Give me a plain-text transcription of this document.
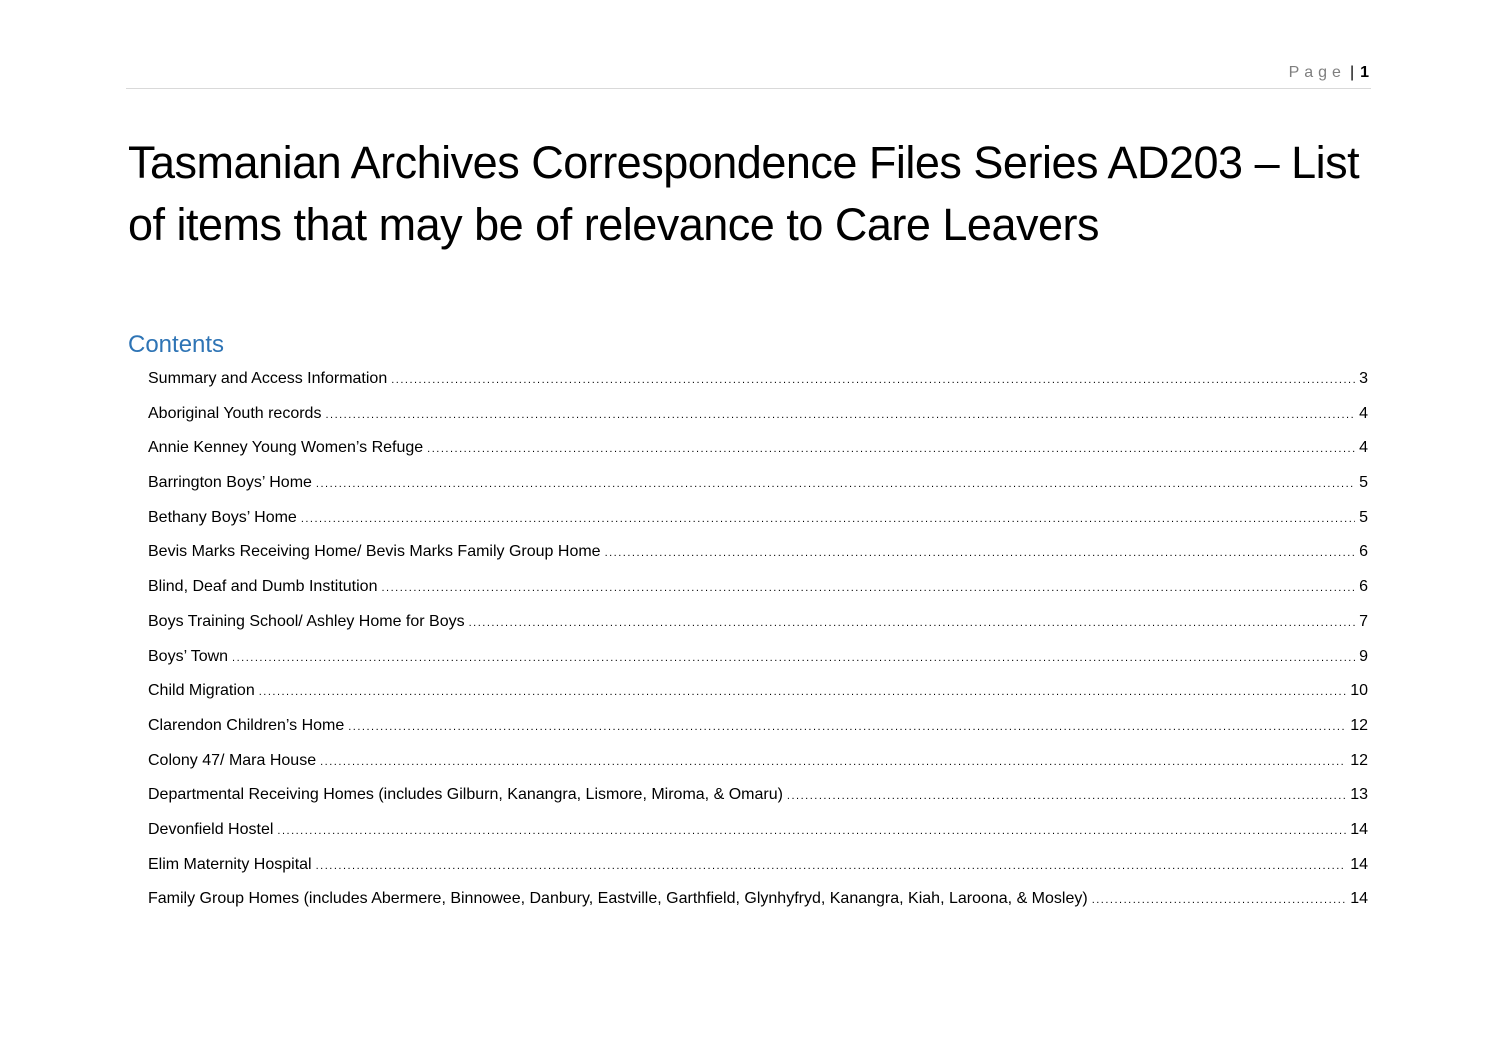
Page | 1
Tasmanian Archives Correspondence Files Series AD203 – List of items that may be of relevance to Care Leavers
Contents
Summary and Access Information .....	3
Aboriginal Youth records .....	4
Annie Kenney Young Women’s Refuge .....	4
Barrington Boys’ Home .....	5
Bethany Boys’ Home .....	5
Bevis Marks Receiving Home/ Bevis Marks Family Group Home .....	6
Blind, Deaf and Dumb Institution .....	6
Boys Training School/ Ashley Home for Boys .....	7
Boys’ Town .....	9
Child Migration .....	10
Clarendon Children’s Home .....	12
Colony 47/ Mara House .....	12
Departmental Receiving Homes (includes Gilburn, Kanangra, Lismore, Miroma, & Omaru) .....	13
Devonfield Hostel .....	14
Elim Maternity Hospital .....	14
Family Group Homes (includes Abermere, Binnowee, Danbury, Eastville, Garthfield, Glynhyfryd, Kanangra, Kiah, Laroona, & Mosley) .....	14
